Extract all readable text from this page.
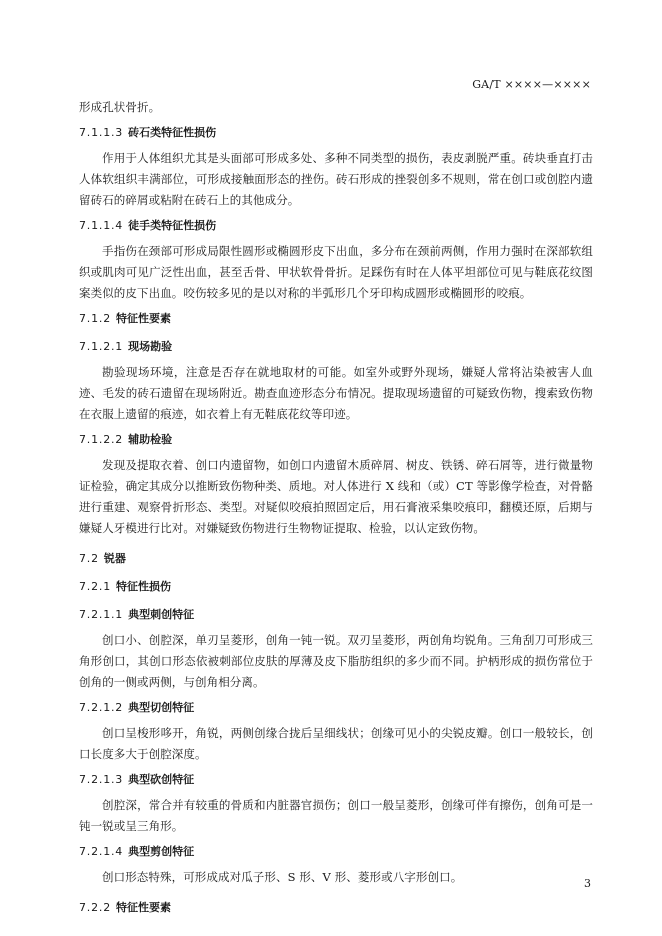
GA/T ××××—××××

形成孔状骨折。

7.1.1.3 砖石类特征性损伤

作用于人体组织尤其是头面部可形成多处、多种不同类型的损伤，表皮剥脱严重。砖块垂直打击人体软组织丰满部位，可形成接触面形态的挫伤。砖石形成的挫裂创多不规则，常在创口或创腔内遗留砖石的碎屑或粘附在砖石上的其他成分。

7.1.1.4 徒手类特征性损伤

手指伤在颈部可形成局限性圆形或椭圆形皮下出血，多分布在颈前两侧，作用力强时在深部软组织或肌肉可见广泛性出血，甚至舌骨、甲状软骨骨折。足踩伤有时在人体平坦部位可见与鞋底花纹图案类似的皮下出血。咬伤较多见的是以对称的半弧形几个牙印构成圆形或椭圆形的咬痕。

7.1.2 特征性要素

7.1.2.1 现场勘验

勘验现场环境，注意是否存在就地取材的可能。如室外或野外现场，嫌疑人常将沾染被害人血迹、毛发的砖石遗留在现场附近。勘查血迹形态分布情况。提取现场遗留的可疑致伤物，搜索致伤物在衣服上遗留的痕迹，如衣着上有无鞋底花纹等印迹。

7.1.2.2 辅助检验

发现及提取衣着、创口内遗留物，如创口内遗留木质碎屑、树皮、铁锈、碎石屑等，进行微量物证检验，确定其成分以推断致伤物种类、质地。对人体进行 X 线和（或）CT 等影像学检查，对骨骼进行重建、观察骨折形态、类型。对疑似咬痕拍照固定后，用石膏液采集咬痕印，翻模还原，后期与嫌疑人牙模进行比对。对嫌疑致伤物进行生物物证提取、检验，以认定致伤物。

7.2 锐器

7.2.1 特征性损伤

7.2.1.1 典型刺创特征

创口小、创腔深，单刃呈菱形，创角一钝一锐。双刃呈菱形，两创角均锐角。三角刮刀可形成三角形创口，其创口形态依被刺部位皮肤的厚薄及皮下脂肪组织的多少而不同。护柄形成的损伤常位于创角的一侧或两侧，与创角相分离。

7.2.1.2 典型切创特征

创口呈梭形哆开，角锐，两侧创缘合拢后呈细线状；创缘可见小的尖锐皮瓣。创口一般较长，创口长度多大于创腔深度。

7.2.1.3 典型砍创特征

创腔深，常合并有较重的骨质和内脏器官损伤；创口一般呈菱形，创缘可伴有擦伤，创角可是一钝一锐或呈三角形。

7.2.1.4 典型剪创特征

创口形态特殊，可形成成对瓜子形、S 形、V 形、菱形或八字形创口。

7.2.2 特征性要素

3
